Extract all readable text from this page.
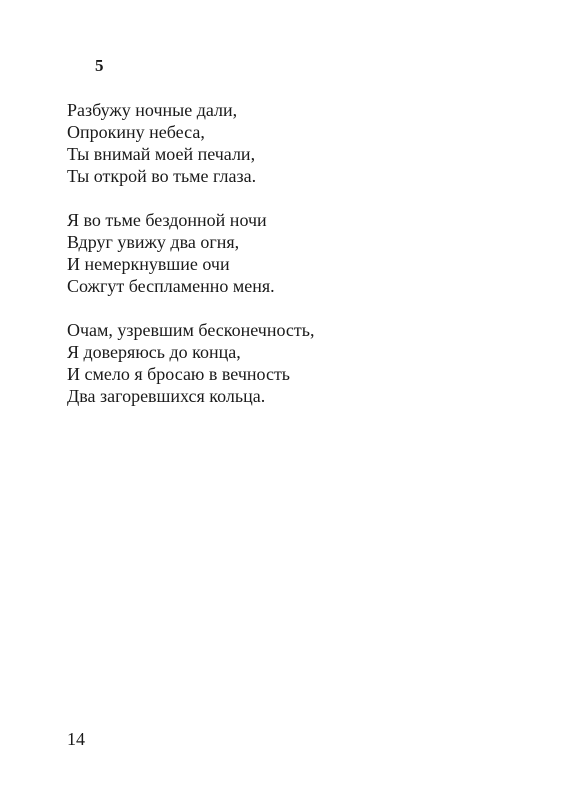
5
Разбужу ночные дали,
Опрокину небеса,
Ты внимай моей печали,
Ты открой во тьме глаза.
Я во тьме бездонной ночи
Вдруг увижу два огня,
И немеркнувшие очи
Сожгут беспламенно меня.
Очам, узревшим бесконечность,
Я доверяюсь до конца,
И смело я бросаю в вечность
Два загоревшихся кольца.
14
